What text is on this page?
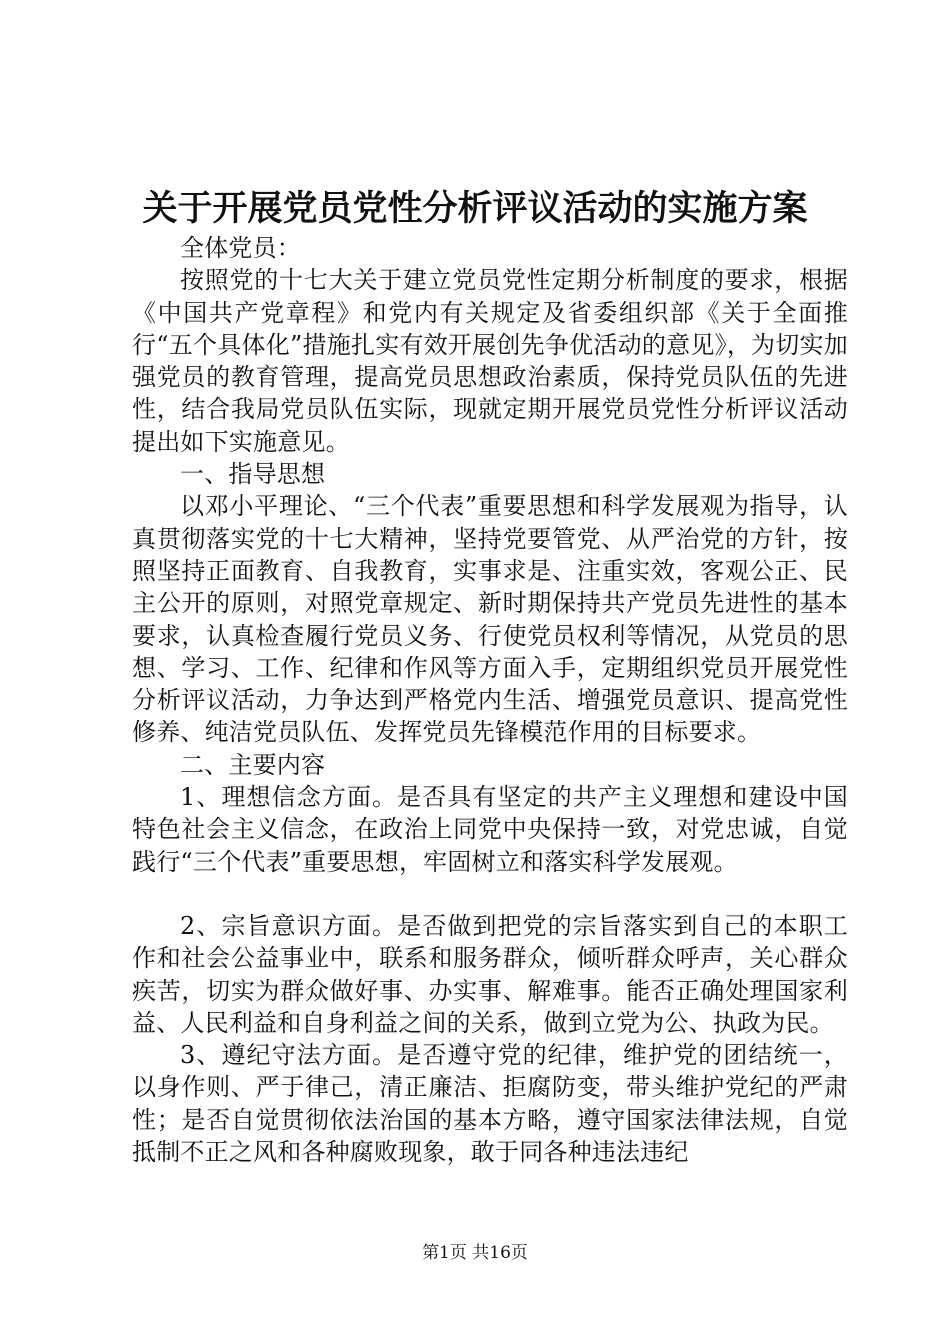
关于开展党员党性分析评议活动的实施方案

全体党员：

按照党的十七大关于建立党员党性定期分析制度的要求，根据《中国共产党章程》和党内有关规定及省委组织部《关于全面推行“五个具体化”措施扎实有效开展创先争优活动的意见》，为切实加强党员的教育管理，提高党员思想政治素质，保持党员队伍的先进性，结合我局党员队伍实际，现就定期开展党员党性分析评议活动提出如下实施意见。

一、指导思想

以邓小平理论、“三个代表”重要思想和科学发展观为指导，认真贯彻落实党的十七大精神，坚持党要管党、从严治党的方针，按照坚持正面教育、自我教育，实事求是、注重实效，客观公正、民主公开的原则，对照党章规定、新时期保持共产党员先进性的基本要求，认真检查履行党员义务、行使党员权利等情况，从党员的思想、学习、工作、纪律和作风等方面入手，定期组织党员开展党性分析评议活动，力争达到严格党内生活、增强党员意识、提高党性修养、纯洁党员队伍、发挥党员先锋模范作用的目标要求。

二、主要内容

1、理想信念方面。是否具有坚定的共产主义理想和建设中国特色社会主义信念，在政治上同党中央保持一致，对党忠诚，自觉践行“三个代表”重要思想，牢固树立和落实科学发展观。

2、宗旨意识方面。是否做到把党的宗旨落实到自己的本职工作和社会公益事业中，联系和服务群众，倾听群众呼声，关心群众疾苦，切实为群众做好事、办实事、解难事。能否正确处理国家利益、人民利益和自身利益之间的关系，做到立党为公、执政为民。

3、遵纪守法方面。是否遵守党的纪律，维护党的团结统一，以身作则、严于律己，清正廉洁、拒腐防变，带头维护党纪的严肃性；是否自觉贯彻依法治国的基本方略，遵守国家法律法规，自觉抵制不正之风和各种腐败现象，敢于同各种违法违纪

第1页 共16页
